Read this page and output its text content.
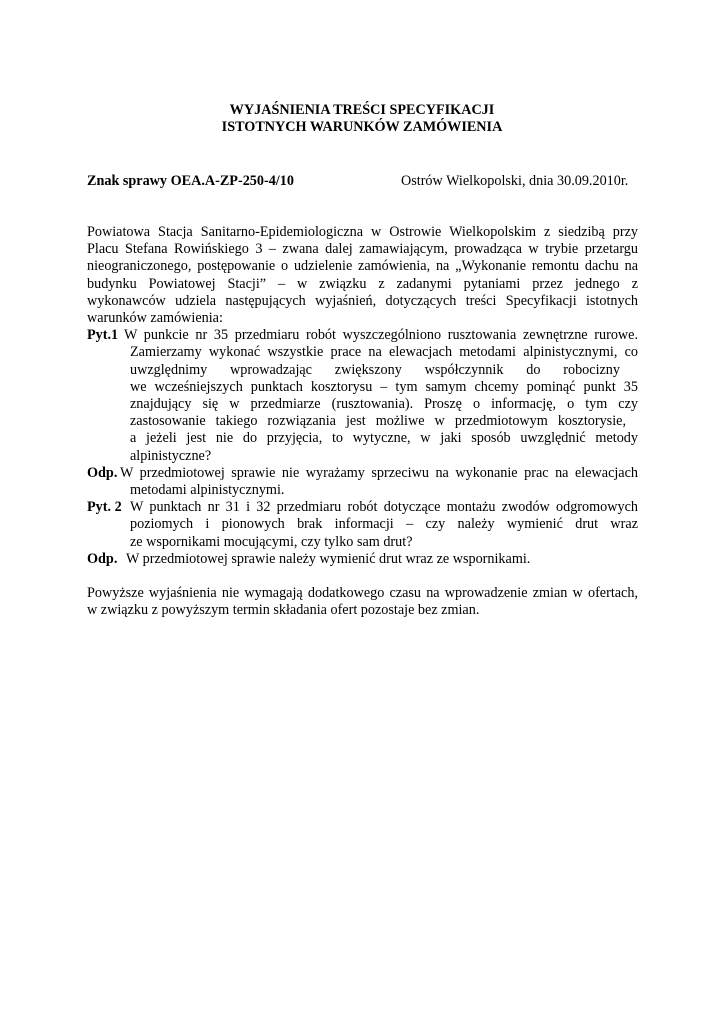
WYJAŚNIENIA TREŚCI SPECYFIKACJI
ISTOTNYCH WARUNKÓW ZAMÓWIENIA
Znak sprawy OEA.A-ZP-250-4/10	Ostrów Wielkopolski, dnia 30.09.2010r.

Powiatowa Stacja Sanitarno-Epidemiologiczna w Ostrowie Wielkopolskim z siedzibą przy

Placu Stefana Rowińskiego 3 – zwana dalej zamawiającym, prowadząca w trybie przetargu

nieograniczonego, postępowanie o udzielenie zamówienia, na „Wykonanie remontu dachu na

budynku Powiatowej Stacji” – w związku z zadanymi pytaniami przez jednego z

wykonawców udziela następujących wyjaśnień, dotyczących treści Specyfikacji istotnych

warunków zamówienia:

Pyt.1 W punkcie nr 35 przedmiaru robót wyszczególniono rusztowania zewnętrzne rurowe.

Zamierzamy wykonać wszystkie prace na elewacjach metodami alpinistycznymi, co

uwzględnimy wprowadzając zwiększony współczynnik do robocizny

we wcześniejszych punktach kosztorysu – tym samym chcemy pominąć punkt 35

znajdujący się w przedmiarze (rusztowania). Proszę o informację, o tym czy

zastosowanie takiego rozwiązania jest możliwe w przedmiotowym kosztorysie,

a jeżeli jest nie do przyjęcia, to wytyczne, w jaki sposób uwzględnić metody

alpinistyczne?

Odp. W przedmiotowej sprawie nie wyrażamy sprzeciwu na wykonanie prac na elewacjach

metodami alpinistycznymi.

Pyt. 2 W punktach nr 31 i 32 przedmiaru robót dotyczące montażu zwodów odgromowych

poziomych i pionowych brak informacji – czy należy wymienić drut wraz

ze wspornikami mocującymi, czy tylko sam drut?

Odp. W przedmiotowej sprawie należy wymienić drut wraz ze wspornikami.

Powyższe wyjaśnienia nie wymagają dodatkowego czasu na wprowadzenie zmian w ofertach,

w związku z powyższym termin składania ofert pozostaje bez zmian.
